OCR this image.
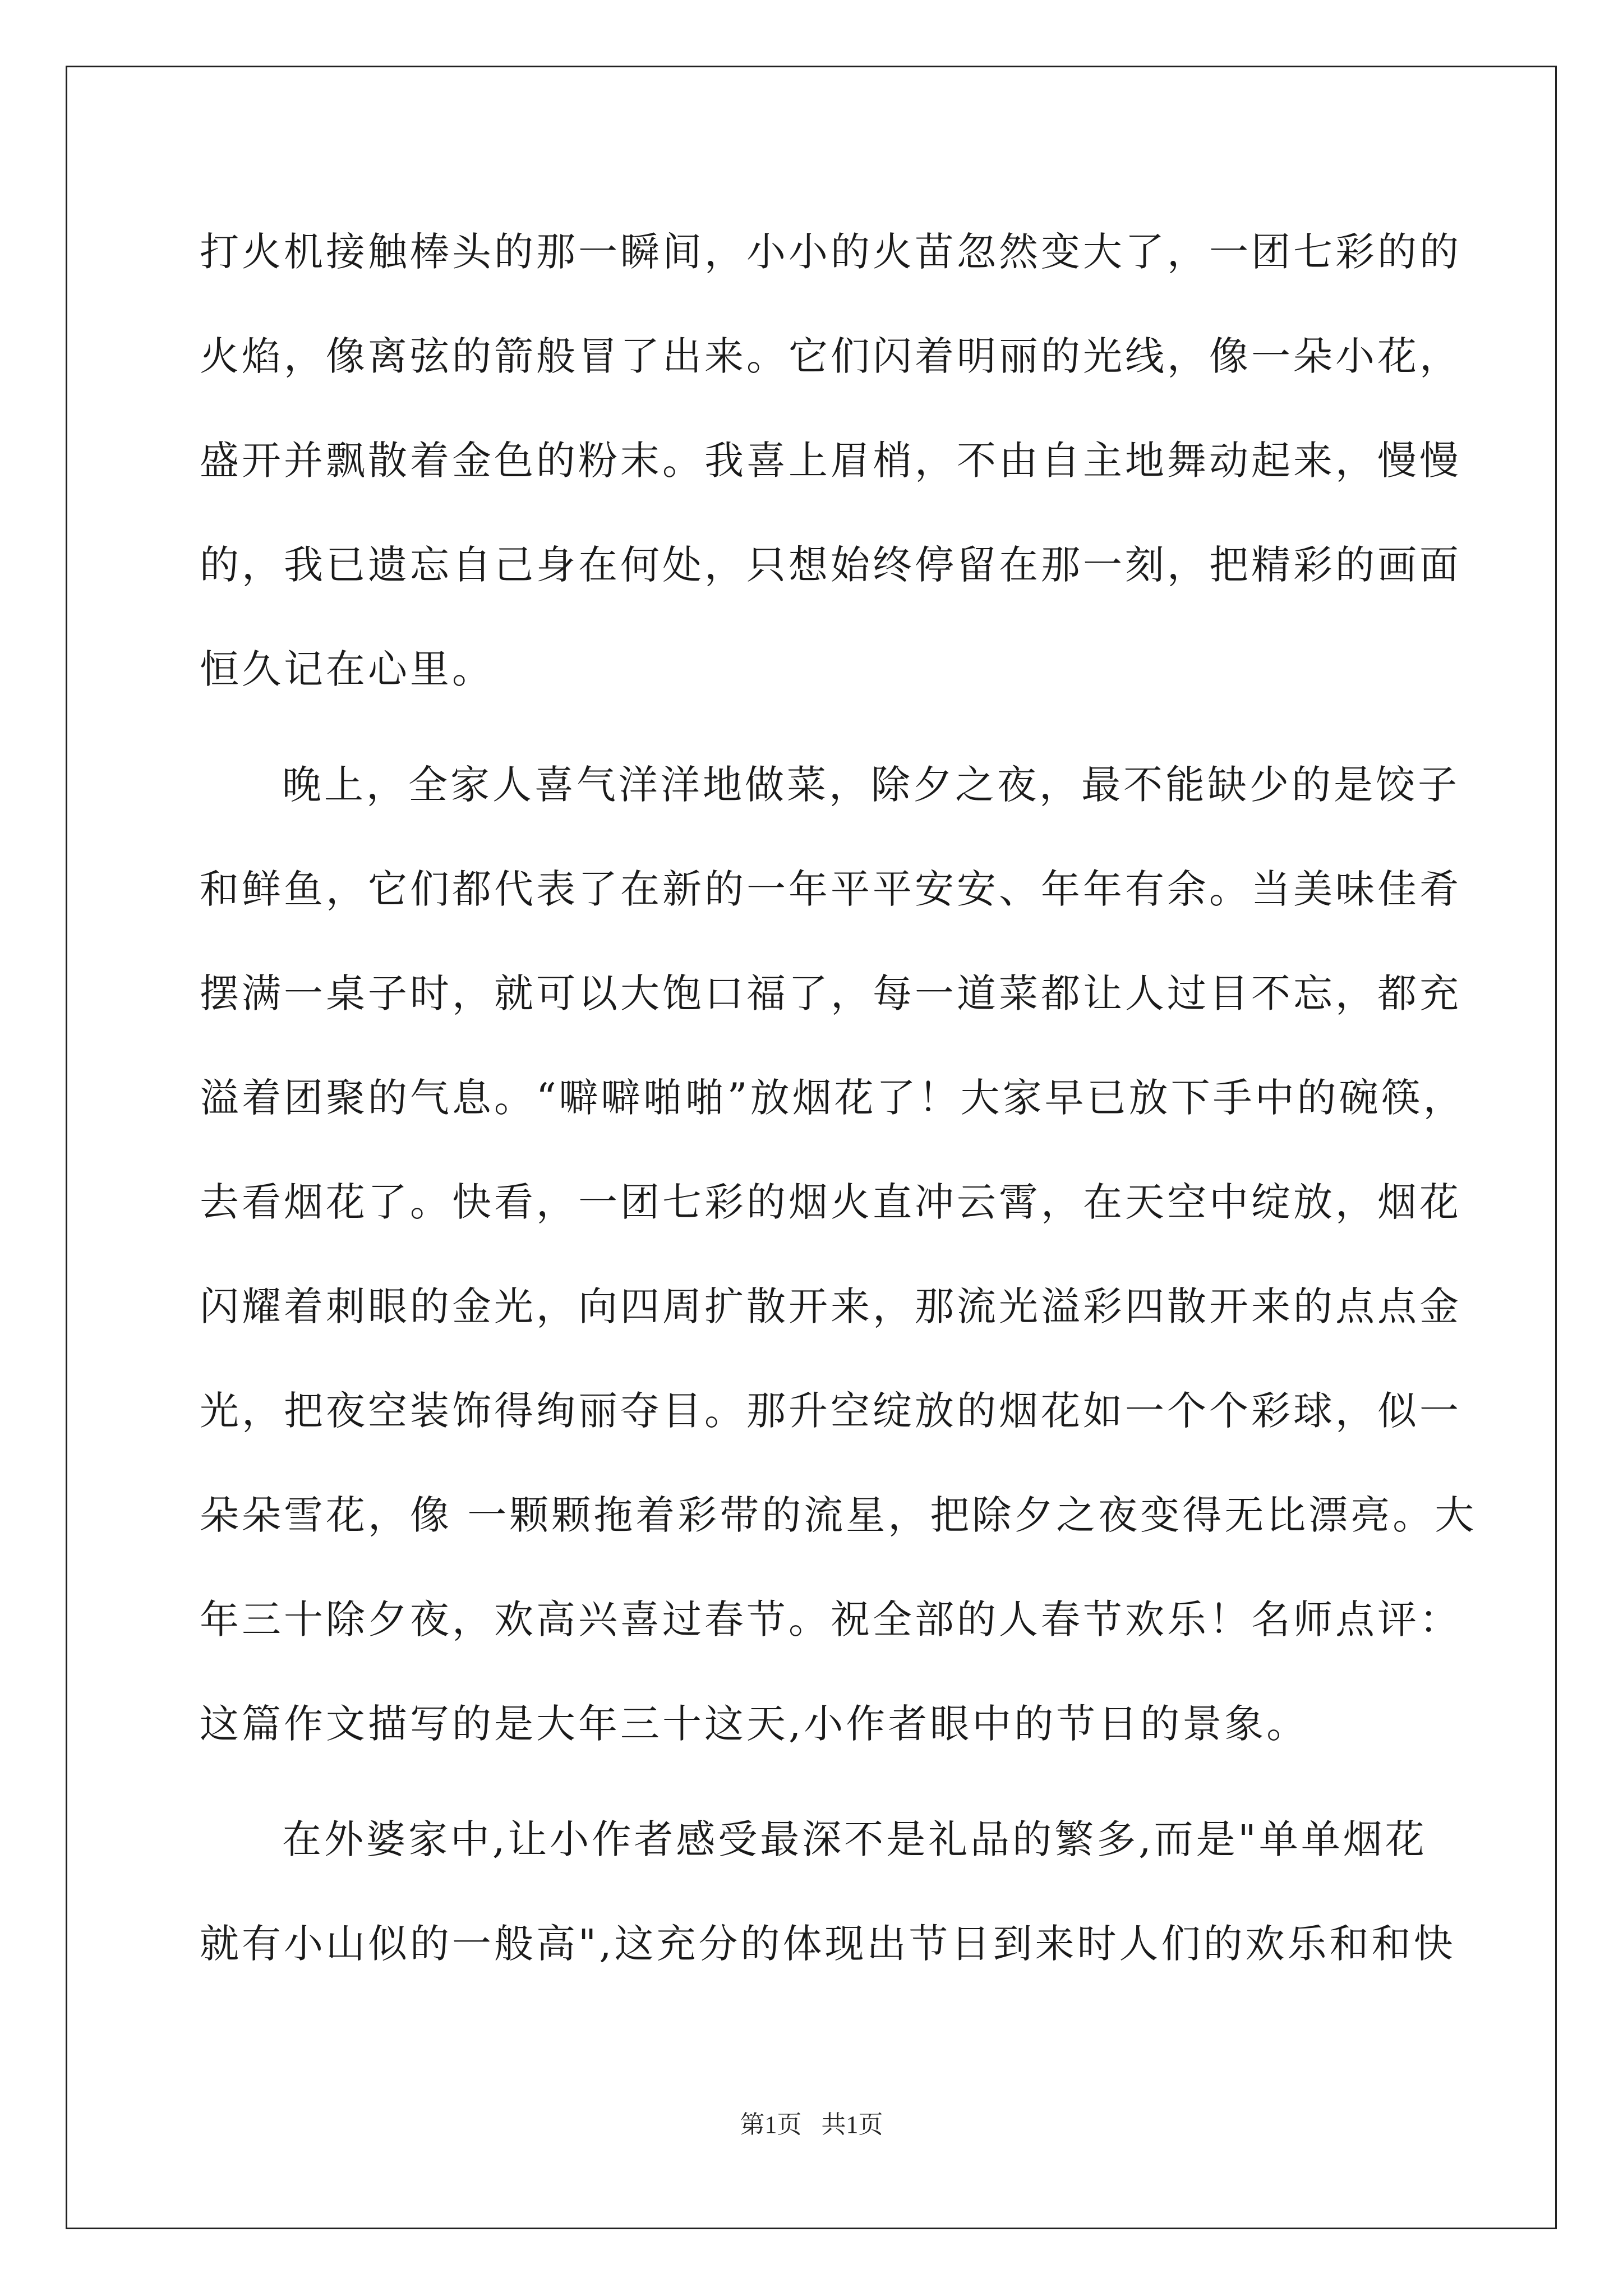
打火机接触棒头的那一瞬间，小小的火苗忽然变大了，一团七彩的的
火焰，像离弦的箭般冒了出来。它们闪着明丽的光线，像一朵小花，
盛开并飘散着金色的粉末。我喜上眉梢，不由自主地舞动起来，慢慢
的，我已遗忘自己身在何处，只想始终停留在那一刻，把精彩的画面
恒久记在心里。
晚上，全家人喜气洋洋地做菜，除夕之夜，最不能缺少的是饺子
和鲜鱼，它们都代表了在新的一年平平安安、年年有余。当美味佳肴
摆满一桌子时，就可以大饱口福了，每一道菜都让人过目不忘，都充
溢着团聚的气息。“噼噼啪啪”放烟花了！大家早已放下手中的碗筷，
去看烟花了。快看，一团七彩的烟火直冲云霄，在天空中绽放，烟花
闪耀着刺眼的金光，向四周扩散开来，那流光溢彩四散开来的点点金
光，把夜空装饰得绚丽夺目。那升空绽放的烟花如一个个彩球，似一
朵朵雪花，像 一颗颗拖着彩带的流星，把除夕之夜变得无比漂亮。大
年三十除夕夜，欢高兴喜过春节。祝全部的人春节欢乐！名师点评：
这篇作文描写的是大年三十这天,小作者眼中的节日的景象。
在外婆家中,让小作者感受最深不是礼品的繁多,而是"单单烟花
就有小山似的一般高",这充分的体现出节日到来时人们的欢乐和和快
第1页 共1页
